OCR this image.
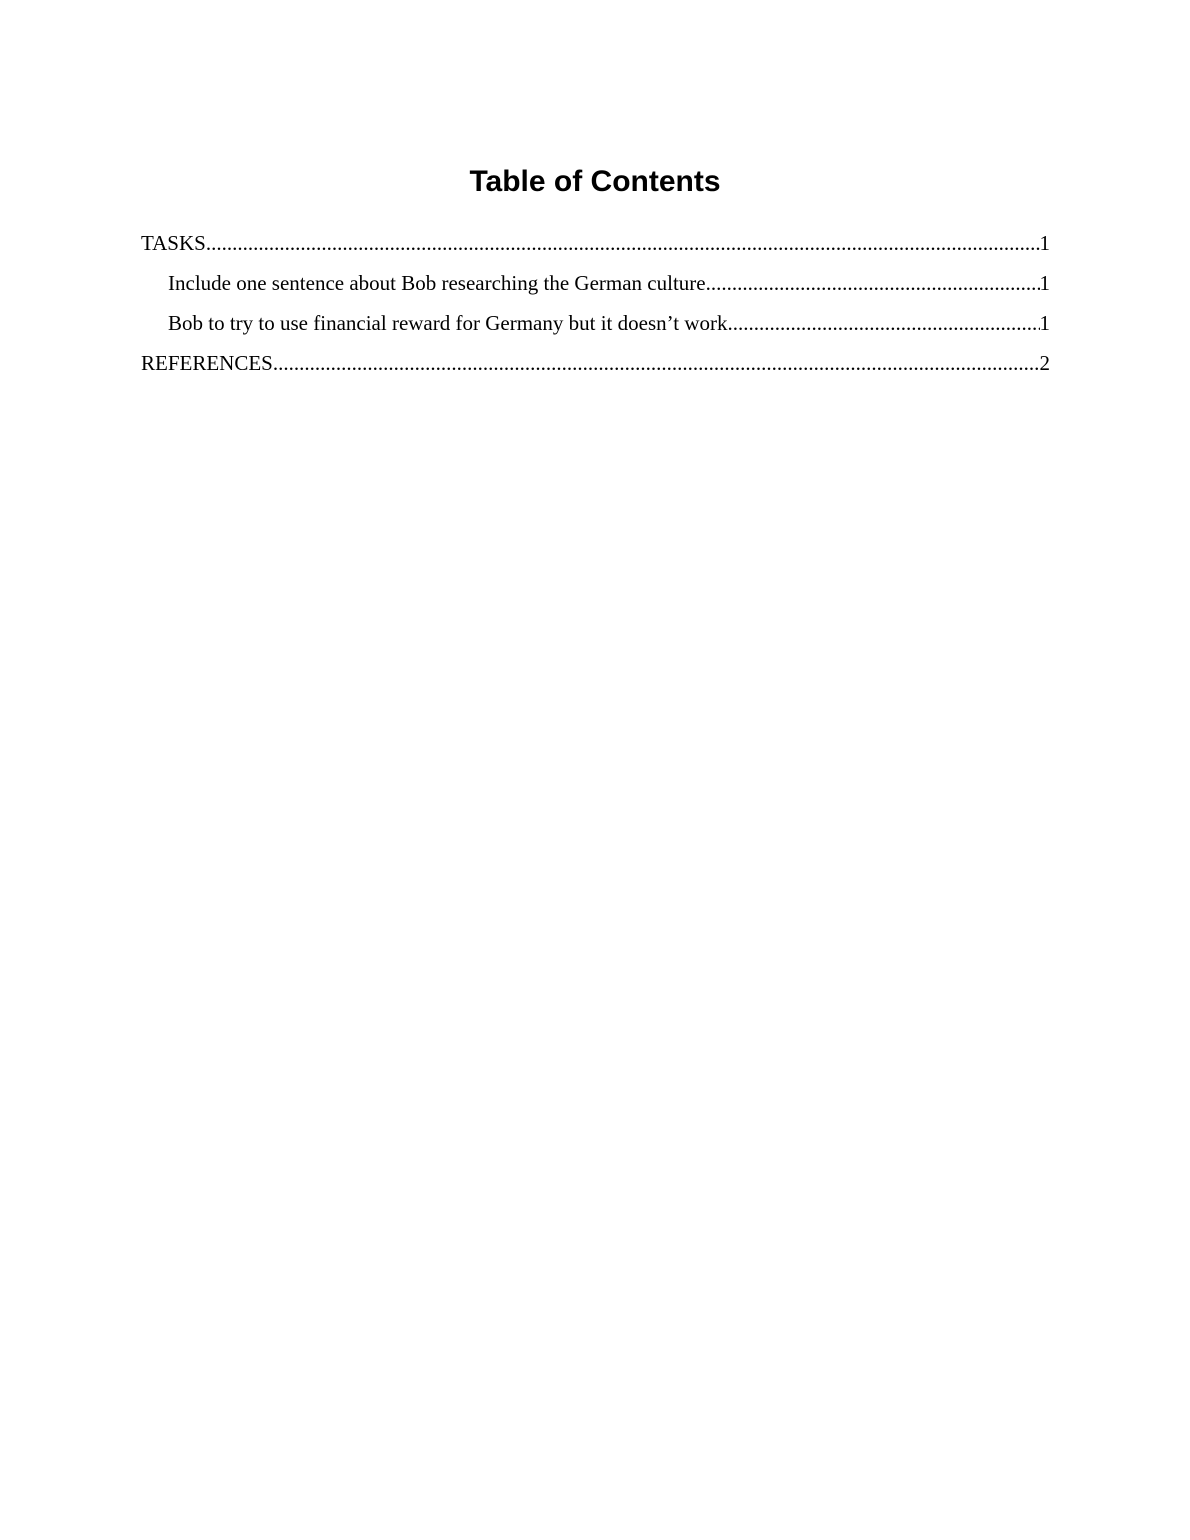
Table of Contents
TASKS .....	1
Include one sentence about Bob researching the German culture .....	1
Bob to try to use financial reward for Germany but it doesn’t work .....	1
REFERENCES .....	2
